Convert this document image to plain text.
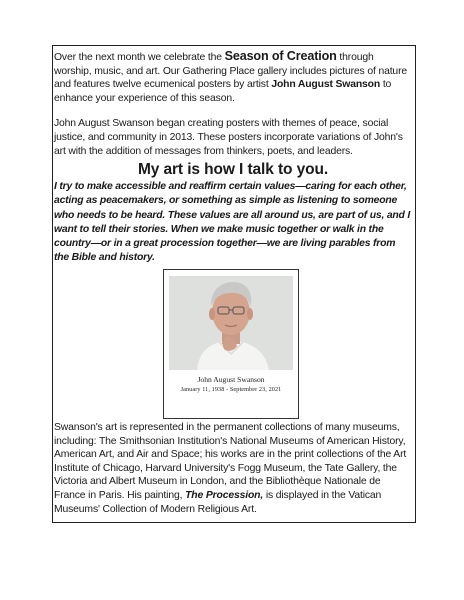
Over the next month we celebrate the Season of Creation through worship, music, and art. Our Gathering Place gallery includes pictures of nature and features twelve ecumenical posters by artist John August Swanson to enhance your experience of this season.

John August Swanson began creating posters with themes of peace, social justice, and community in 2013. These posters incorporate variations of John's art with the addition of messages from thinkers, poets, and leaders.

My art is how I talk to you.

I try to make accessible and reaffirm certain values—caring for each other, acting as peacemakers, or something as simple as listening to someone who needs to be heard. These values are all around us, are part of us, and I want to tell their stories. When we make music together or walk in the country—or in a great procession together—we are living parables from the Bible and history.

John August Swanson
January 11, 1938 - September 23, 2021

Swanson's art is represented in the permanent collections of many museums, including: The Smithsonian Institution's National Museums of American History, American Art, and Air and Space; his works are in the print collections of the Art Institute of Chicago, Harvard University's Fogg Museum, the Tate Gallery, the Victoria and Albert Museum in London, and the Bibliothèque Nationale de France in Paris. His painting, The Procession, is displayed in the Vatican Museums' Collection of Modern Religious Art.
